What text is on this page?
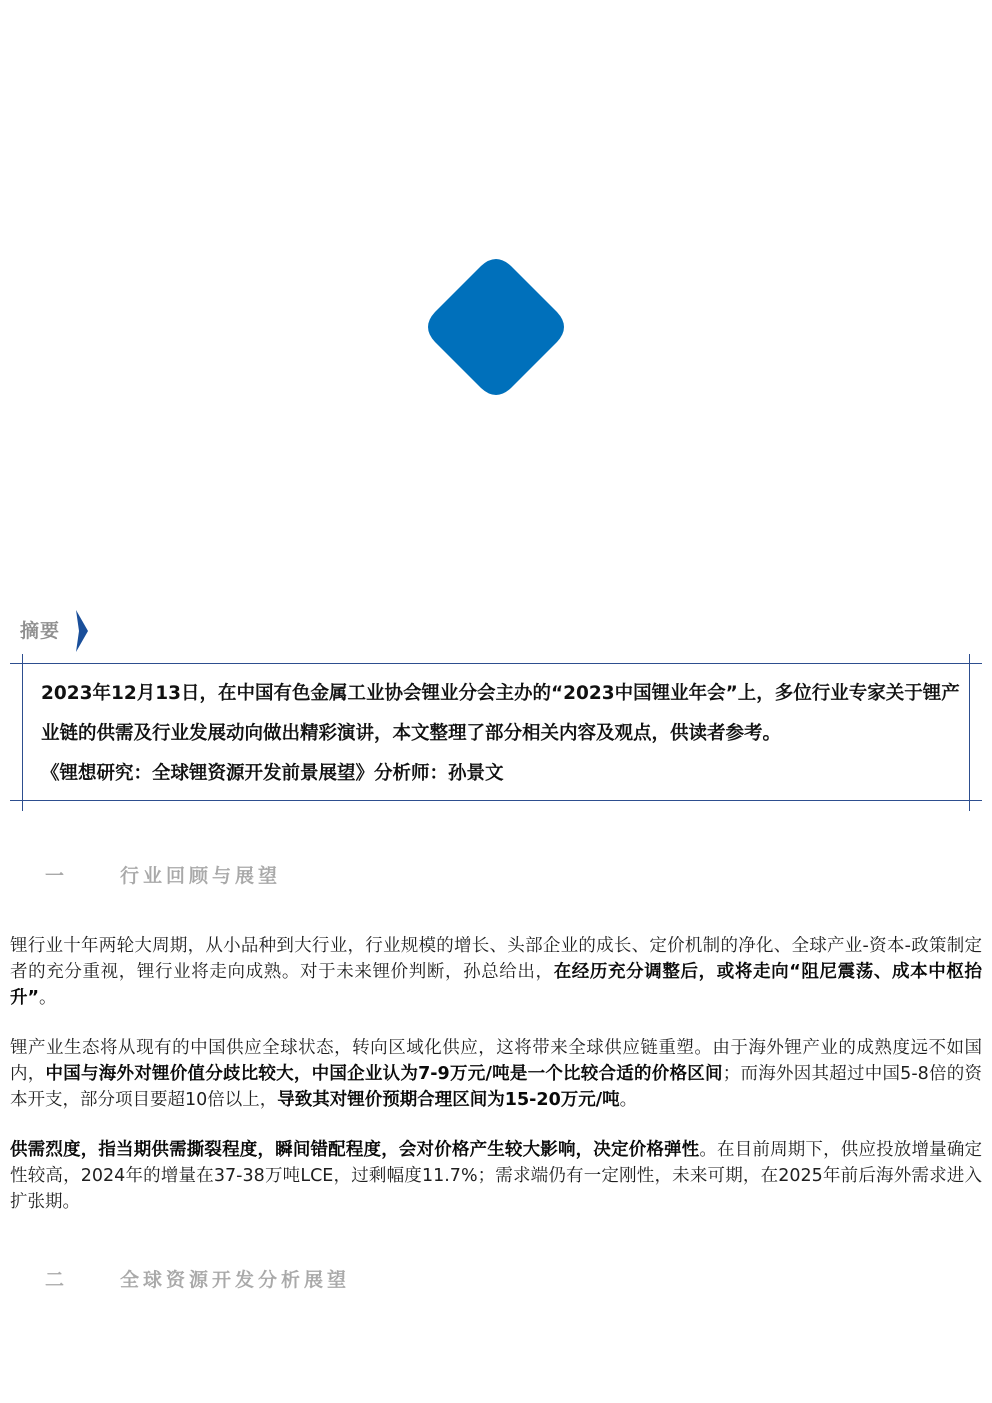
摘要

2023年12月13日，在中国有色金属工业协会锂业分会主办的“2023中国锂业年会”上，多位行业专家关于锂产业链的供需及行业发展动向做出精彩演讲，本文整理了部分相关内容及观点，供读者参考。

《锂想研究：全球锂资源开发前景展望》分析师：孙景文

一	行业回顾与展望

锂行业十年两轮大周期，从小品种到大行业，行业规模的增长、头部企业的成长、定价机制的净化、全球产业-资本-政策制定者的充分重视，锂行业将走向成熟。对于未来锂价判断，孙总给出，在经历充分调整后，或将走向“阻尼震荡、成本中枢抬升”。

锂产业生态将从现有的中国供应全球状态，转向区域化供应，这将带来全球供应链重塑。由于海外锂产业的成熟度远不如国内，中国与海外对锂价值分歧比较大，中国企业认为7-9万元/吨是一个比较合适的价格区间；而海外因其超过中国5-8倍的资本开支，部分项目要超10倍以上，导致其对锂价预期合理区间为15-20万元/吨。

供需烈度，指当期供需撕裂程度，瞬间错配程度，会对价格产生较大影响，决定价格弹性。在目前周期下，供应投放增量确定性较高，2024年的增量在37-38万吨LCE，过剩幅度11.7%；需求端仍有一定刚性，未来可期，在2025年前后海外需求进入扩张期。

二	全球资源开发分析展望
